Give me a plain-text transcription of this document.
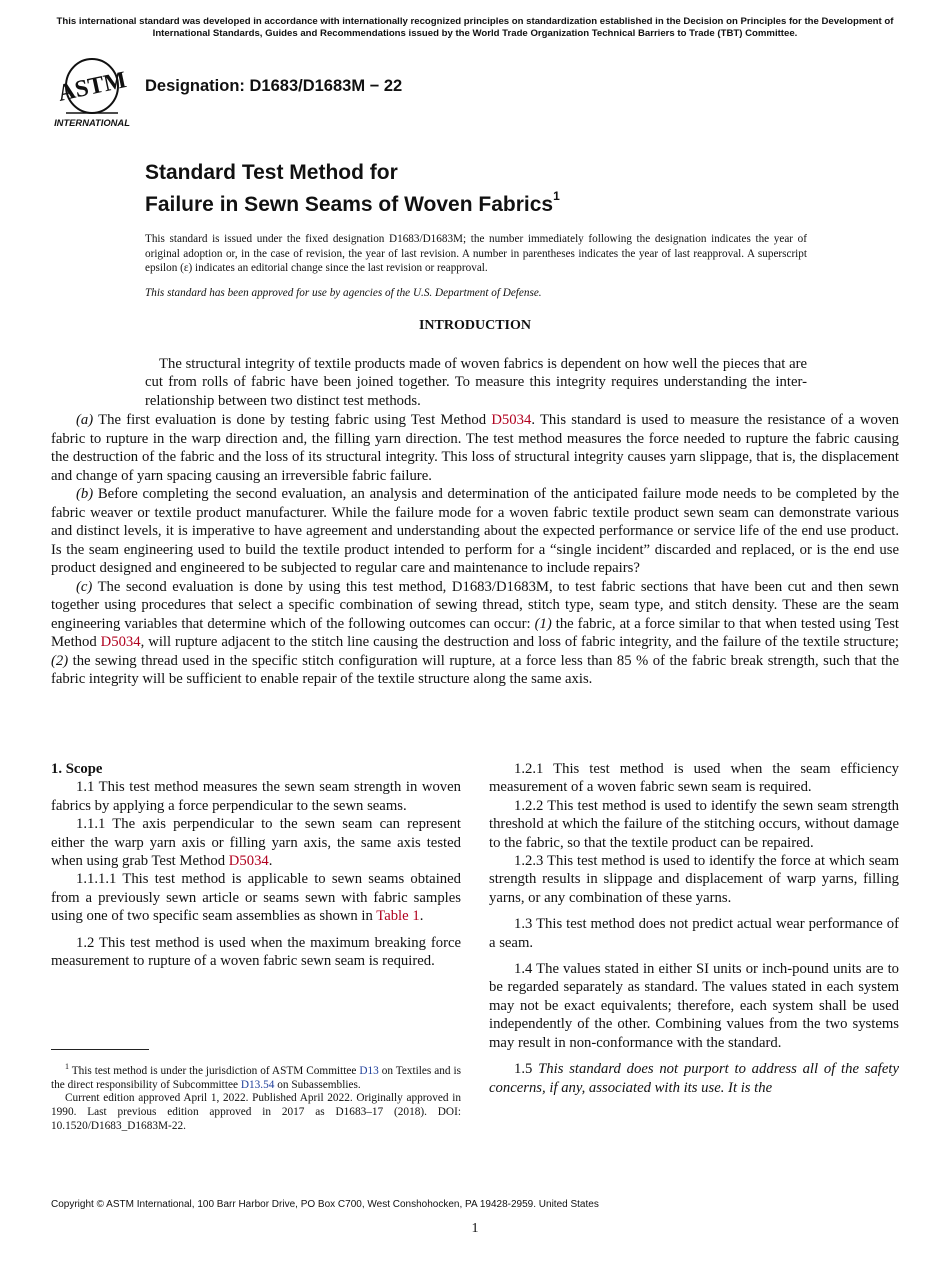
This international standard was developed in accordance with internationally recognized principles on standardization established in the Decision on Principles for the Development of International Standards, Guides and Recommendations issued by the World Trade Organization Technical Barriers to Trade (TBT) Committee.
ASTM
INTERNATIONAL
Designation: D1683/D1683M − 22
Standard Test Method for
Failure in Sewn Seams of Woven Fabrics$^1$

This standard is issued under the fixed designation D1683/D1683M; the number immediately following the designation indicates the year of original adoption or, in the case of revision, the year of last revision. A number in parentheses indicates the year of last reapproval. A superscript epsilon (ε) indicates an editorial change since the last revision or reapproval.

This standard has been approved for use by agencies of the U.S. Department of Defense.

INTRODUCTION

The structural integrity of textile products made of woven fabrics is dependent on how well the pieces that are cut from rolls of fabric have been joined together. To measure this integrity requires understanding the inter-relationship between two distinct test methods.

(a) The first evaluation is done by testing fabric using Test Method D5034. This standard is used to measure the resistance of a woven fabric to rupture in the warp direction and, the filling yarn direction. The test method measures the force needed to rupture the fabric causing the destruction of the fabric and the loss of its structural integrity. This loss of structural integrity causes yarn slippage, that is, the displacement and change of yarn spacing causing an irreversible fabric failure.

(b) Before completing the second evaluation, an analysis and determination of the anticipated failure mode needs to be completed by the fabric weaver or textile product manufacturer. While the failure mode for a woven fabric textile product sewn seam can demonstrate various and distinct levels, it is imperative to have agreement and understanding about the expected performance or service life of the end use product. Is the seam engineering used to build the textile product intended to perform for a “single incident” discarded and replaced, or is the end use product designed and engineered to be subjected to regular care and maintenance to include repairs?

(c) The second evaluation is done by using this test method, D1683/D1683M, to test fabric sections that have been cut and then sewn together using procedures that select a specific combination of sewing thread, stitch type, seam type, and stitch density. These are the seam engineering variables that determine which of the following outcomes can occur: (1) the fabric, at a force similar to that when tested using Test Method D5034, will rupture adjacent to the stitch line causing the destruction and loss of fabric integrity, and the failure of the textile structure; (2) the sewing thread used in the specific stitch configuration will rupture, at a force less than 85 % of the fabric break strength, such that the fabric integrity will be sufficient to enable repair of the textile structure along the same axis.

1. Scope

1.1 This test method measures the sewn seam strength in woven fabrics by applying a force perpendicular to the sewn seams.

1.1.1 The axis perpendicular to the sewn seam can represent either the warp yarn axis or filling yarn axis, the same axis tested when using grab Test Method D5034.

1.1.1.1 This test method is applicable to sewn seams obtained from a previously sewn article or seams sewn with fabric samples using one of two specific seam assemblies as shown in Table 1.

1.2 This test method is used when the maximum breaking force measurement to rupture of a woven fabric sewn seam is required.

1.2.1 This test method is used when the seam efficiency measurement of a woven fabric sewn seam is required.

1.2.2 This test method is used to identify the sewn seam strength threshold at which the failure of the stitching occurs, without damage to the fabric, so that the textile product can be repaired.

1.2.3 This test method is used to identify the force at which seam strength results in slippage and displacement of warp yarns, filling yarns, or any combination of these yarns.

1.3 This test method does not predict actual wear performance of a seam.

1.4 The values stated in either SI units or inch-pound units are to be regarded separately as standard. The values stated in each system may not be exact equivalents; therefore, each system shall be used independently of the other. Combining values from the two systems may result in non-conformance with the standard.

1.5 This standard does not purport to address all of the safety concerns, if any, associated with its use. It is the

$^1$ This test method is under the jurisdiction of ASTM Committee D13 on Textiles and is the direct responsibility of Subcommittee D13.54 on Subassemblies.

Current edition approved April 1, 2022. Published April 2022. Originally approved in 1990. Last previous edition approved in 2017 as D1683–17 (2018). DOI: 10.1520/D1683_D1683M-22.

Copyright © ASTM International, 100 Barr Harbor Drive, PO Box C700, West Conshohocken, PA 19428-2959. United States
1
